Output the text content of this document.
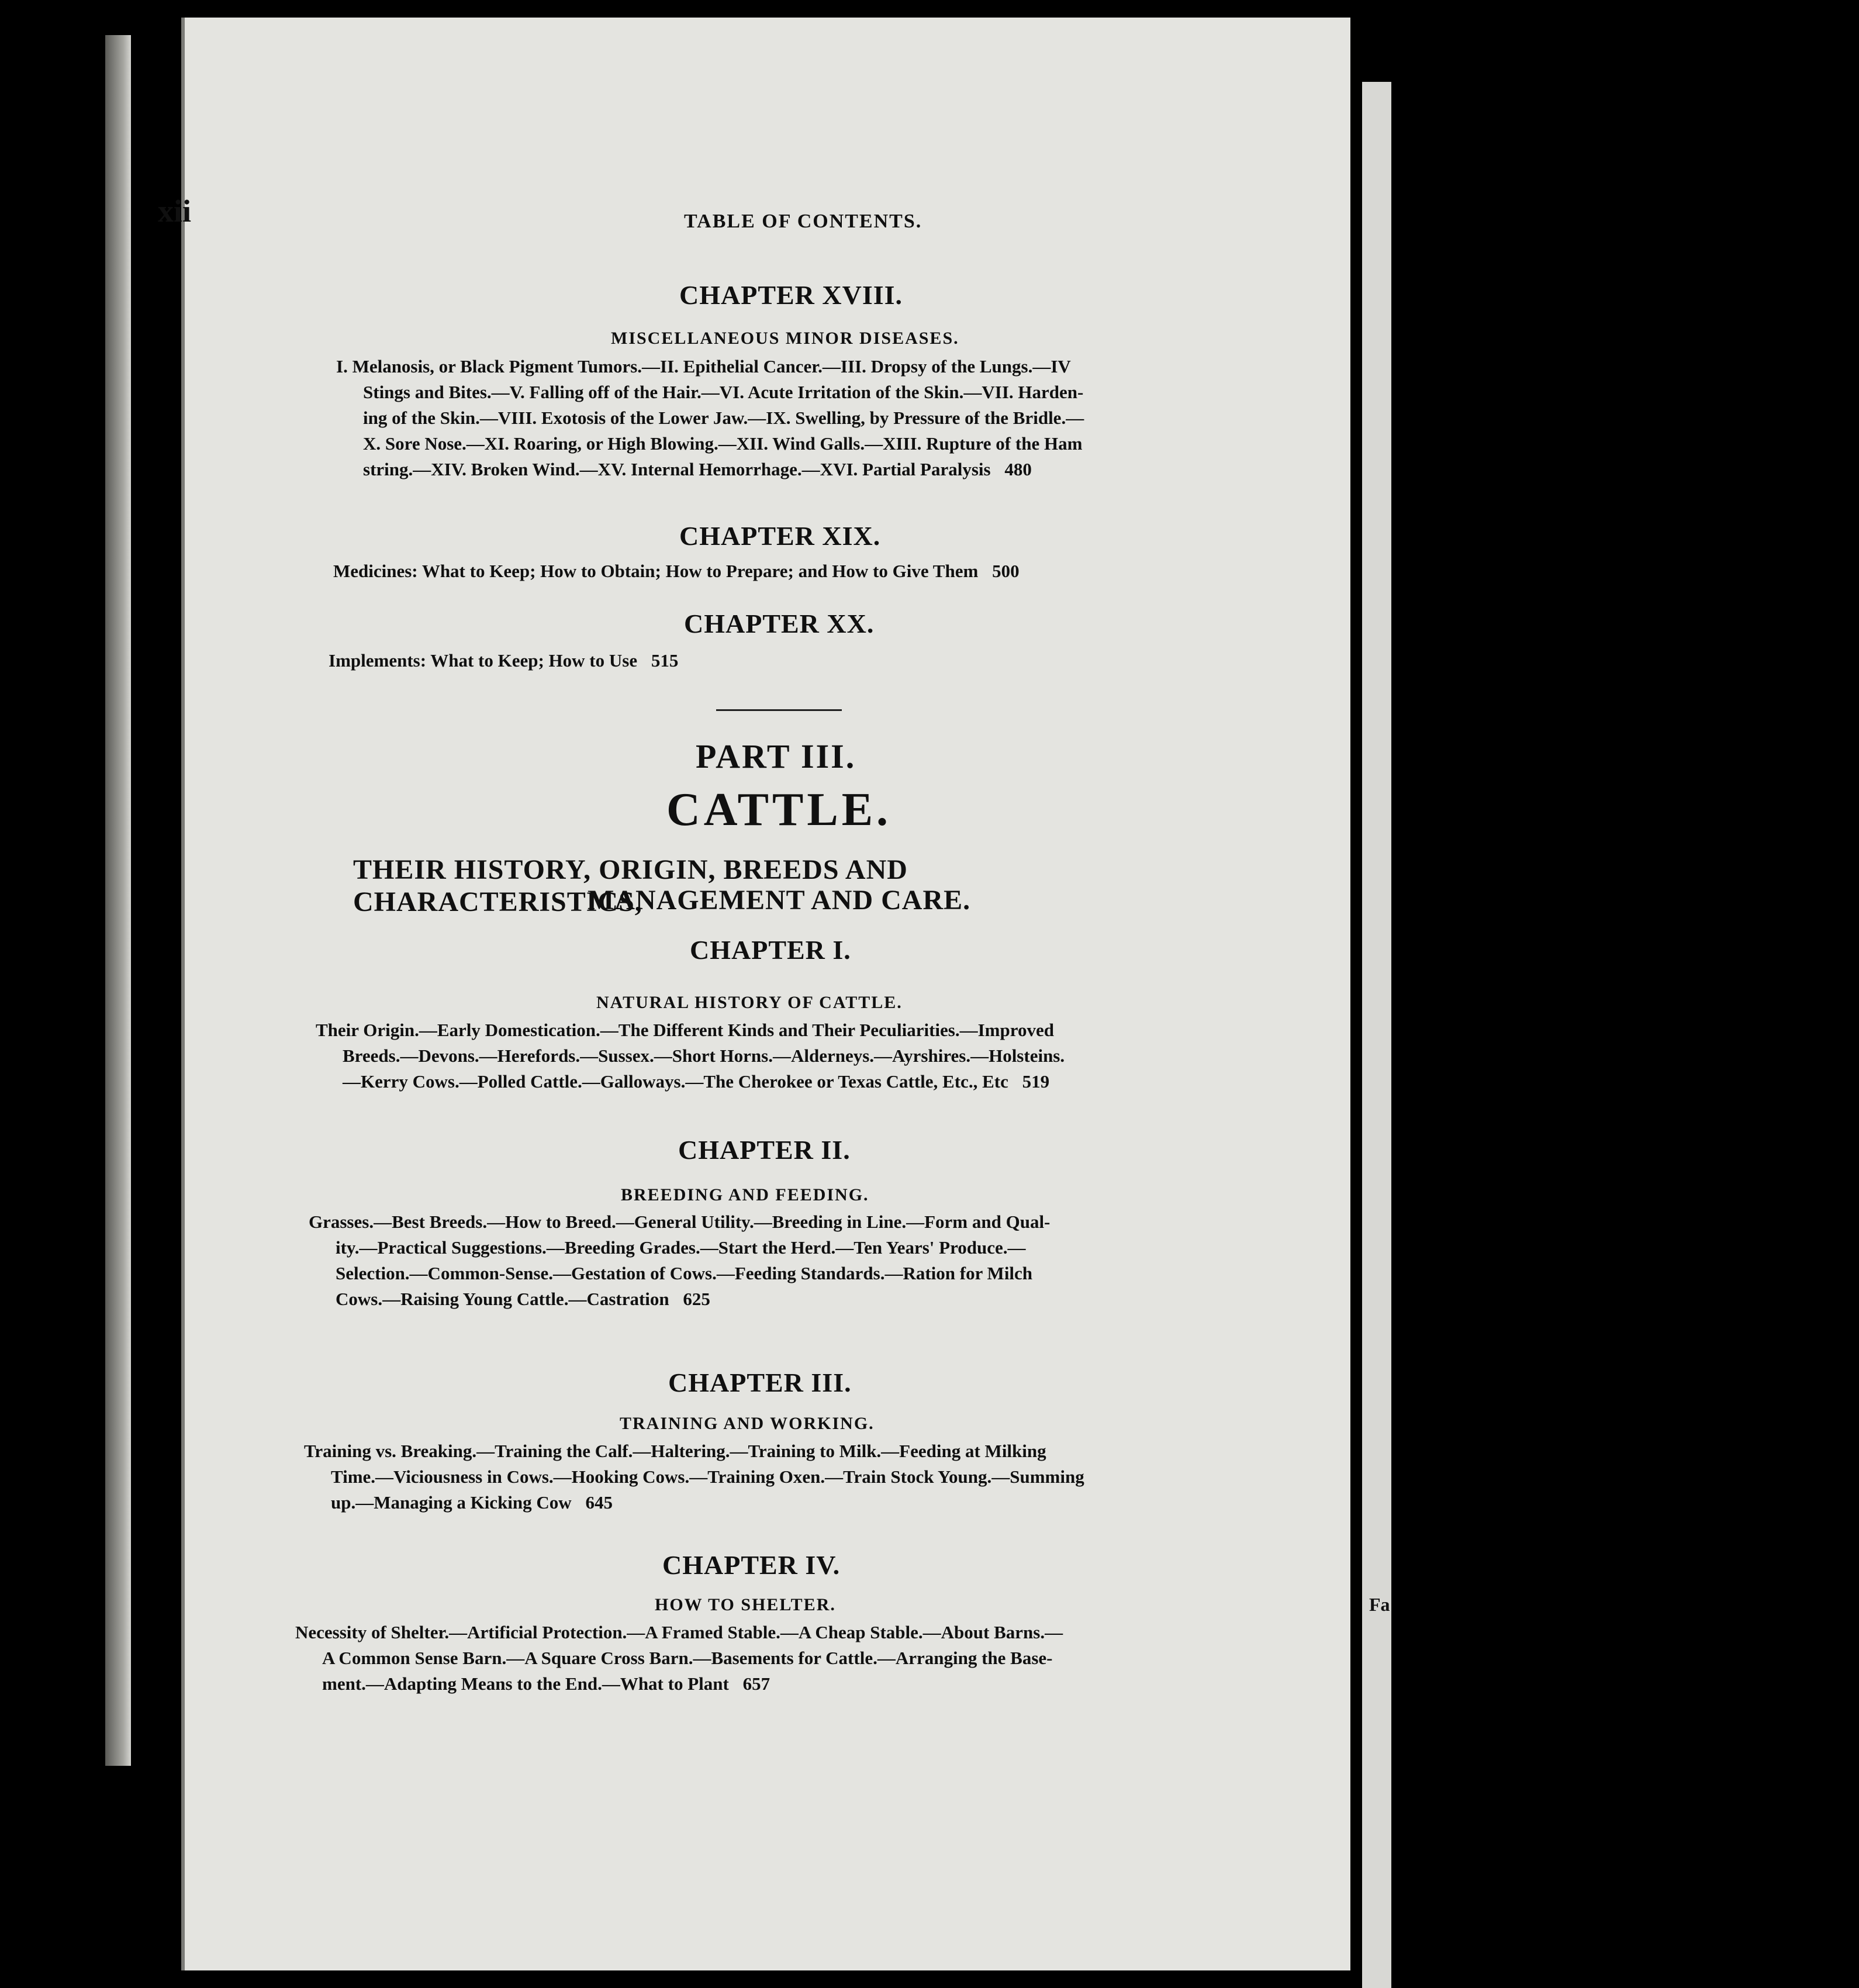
Fa
xii	TABLE OF CONTENTS.
CHAPTER XVIII.
MISCELLANEOUS MINOR DISEASES.
I. Melanosis, or Black Pigment Tumors.—II. Epithelial Cancer.—III. Dropsy of the Lungs.—IV
Stings and Bites.—V. Falling off of the Hair.—VI. Acute Irritation of the Skin.—VII. Harden-
ing of the Skin.—VIII. Exotosis of the Lower Jaw.—IX. Swelling, by Pressure of the Bridle.—
X. Sore Nose.—XI. Roaring, or High Blowing.—XII. Wind Galls.—XIII. Rupture of the Ham
string.—XIV. Broken Wind.—XV. Internal Hemorrhage.—XVI. Partial Paralysis 480
CHAPTER XIX.
Medicines: What to Keep; How to Obtain; How to Prepare; and How to Give Them 500
CHAPTER XX.
Implements: What to Keep; How to Use 515
PART III.
CATTLE.
THEIR HISTORY, ORIGIN, BREEDS AND CHARACTERISTICS,
MANAGEMENT AND CARE.
CHAPTER I.
NATURAL HISTORY OF CATTLE.
Their Origin.—Early Domestication.—The Different Kinds and Their Peculiarities.—Improved
Breeds.—Devons.—Herefords.—Sussex.—Short Horns.—Alderneys.—Ayrshires.—Holsteins.
—Kerry Cows.—Polled Cattle.—Galloways.—The Cherokee or Texas Cattle, Etc., Etc 519
CHAPTER II.
BREEDING AND FEEDING.
Grasses.—Best Breeds.—How to Breed.—General Utility.—Breeding in Line.—Form and Qual-
ity.—Practical Suggestions.—Breeding Grades.—Start the Herd.—Ten Years' Produce.—
Selection.—Common-Sense.—Gestation of Cows.—Feeding Standards.—Ration for Milch
Cows.—Raising Young Cattle.—Castration 625
CHAPTER III.
TRAINING AND WORKING.
Training vs. Breaking.—Training the Calf.—Haltering.—Training to Milk.—Feeding at Milking
Time.—Viciousness in Cows.—Hooking Cows.—Training Oxen.—Train Stock Young.—Summing
up.—Managing a Kicking Cow 645
CHAPTER IV.
HOW TO SHELTER.
Necessity of Shelter.—Artificial Protection.—A Framed Stable.—A Cheap Stable.—About Barns.—
A Common Sense Barn.—A Square Cross Barn.—Basements for Cattle.—Arranging the Base-
ment.—Adapting Means to the End.—What to Plant 657
